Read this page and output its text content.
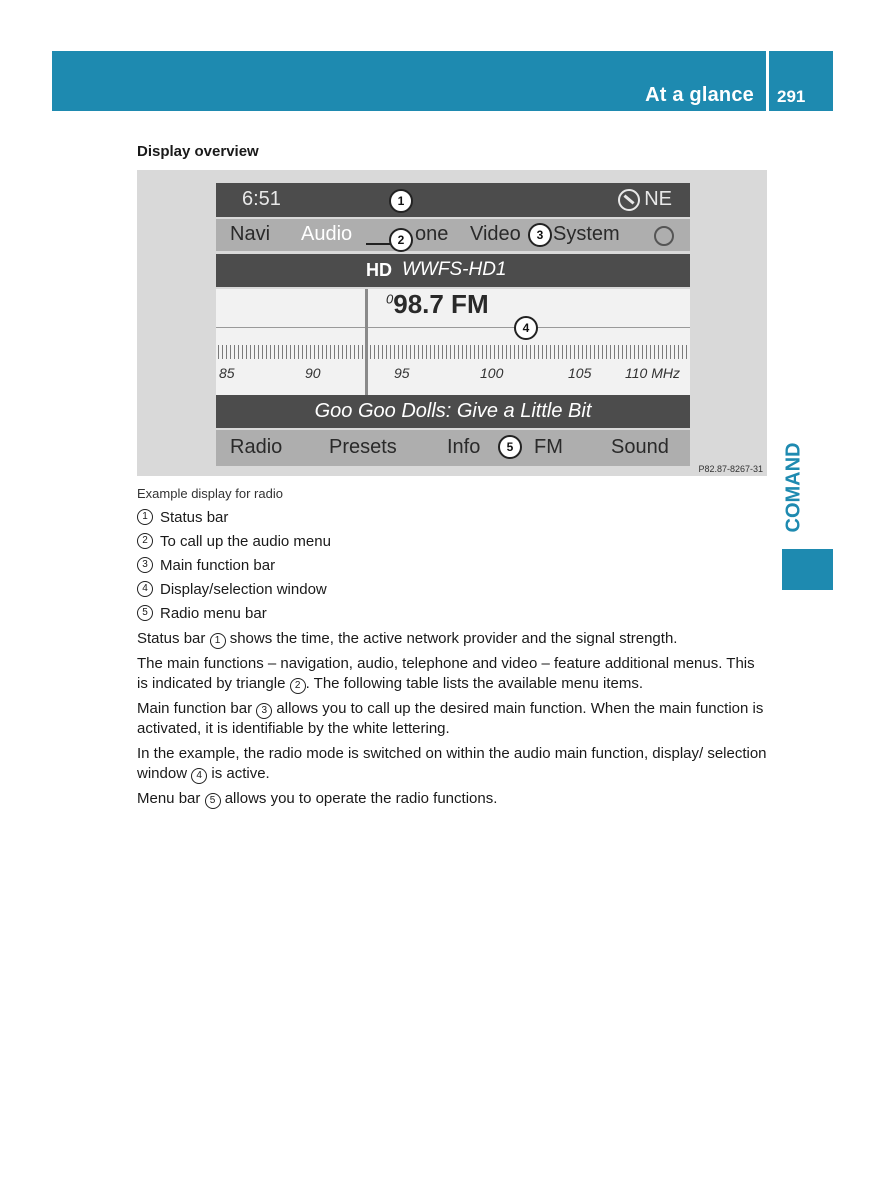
At a glance 291
COMAND
Display overview
6:51	NE
Navi Audio	one Video System
HD WWFS-HD1
$^0$98.7 FM
85	90	95	100	105 110 MHz
Goo Goo Dolls: Give a Little Bit
Radio Presets	Info	FM Sound
1
2	3
4
5
P82.87-8267-31
Example display for radio
1 Status bar
2 To call up the audio menu
3 Main function bar
4 Display/selection window
5 Radio menu bar
Status bar 1 shows the time, the active network provider and the signal strength.
The main functions – navigation, audio, telephone and video – feature additional menus. This is indicated by triangle 2 . The following table lists the available menu items.
Main function bar 3 allows you to call up the desired main function. When the main function is activated, it is identifiable by the white lettering.
In the example, the radio mode is switched on within the audio main function, display/ selection window 4 is active.
Menu bar 5 allows you to operate the radio functions.
